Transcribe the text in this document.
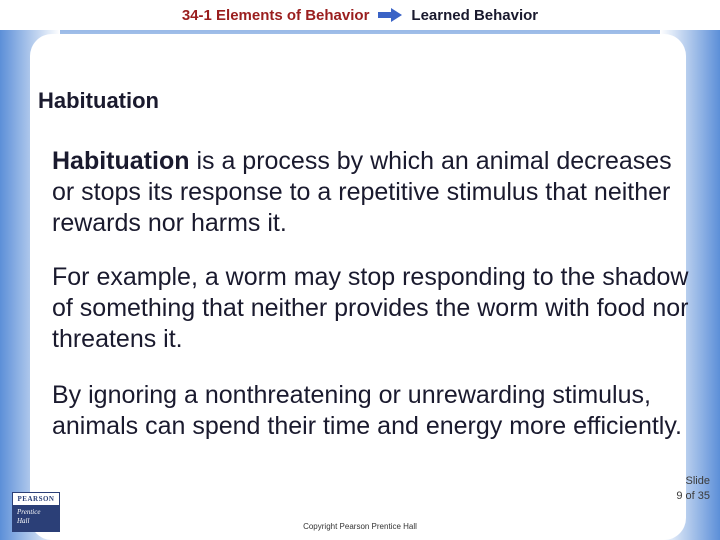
34-1 Elements of Behavior	Learned Behavior
Habituation
Habituation is a process by which an animal decreases or stops its response to a repetitive stimulus that neither rewards nor harms it.
For example, a worm may stop responding to the shadow of something that neither provides the worm with food nor threatens it.
By ignoring a nonthreatening or unrewarding stimulus, animals can spend their time and energy more efficiently.
Slide
9 of 35
PEARSON
Prentice
Hall
Copyright Pearson Prentice Hall
